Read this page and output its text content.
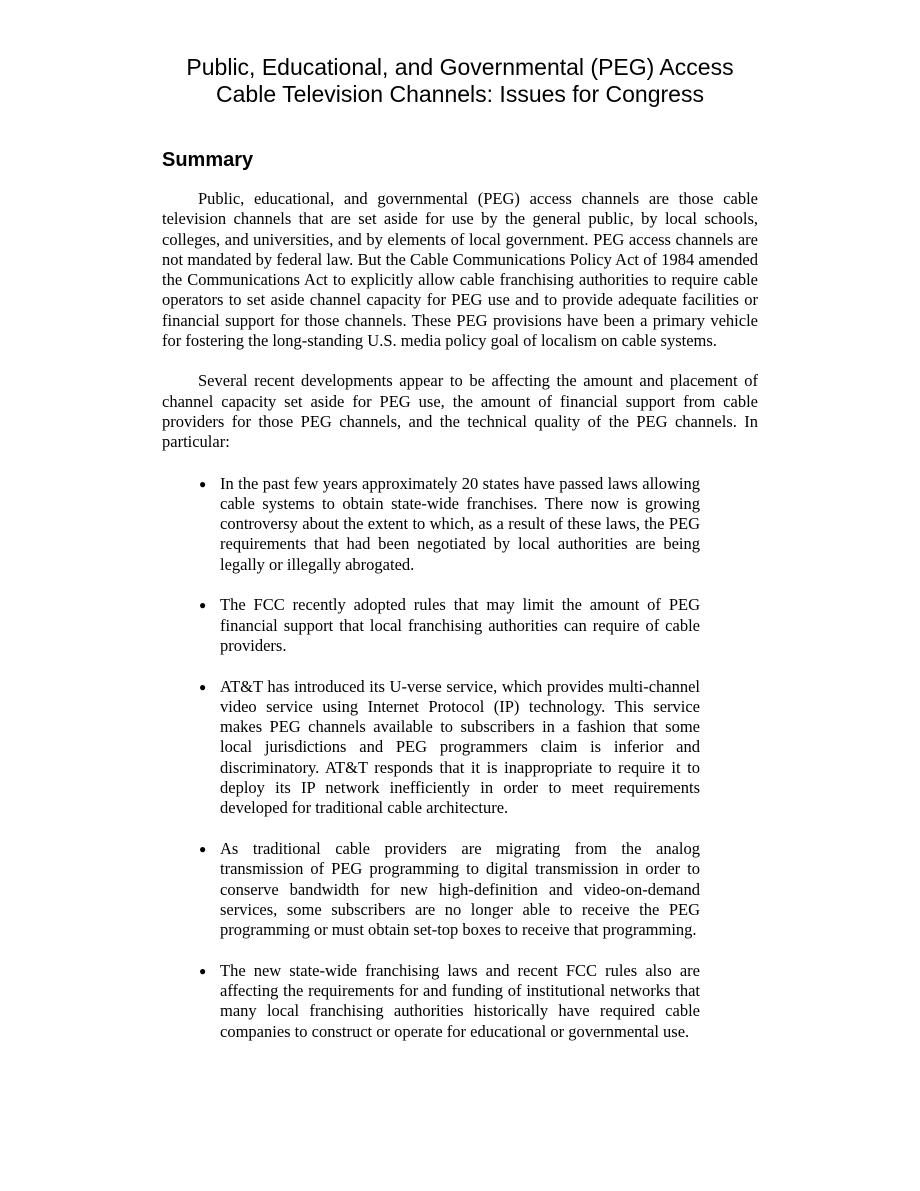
Public, Educational, and Governmental (PEG) Access
Cable Television Channels: Issues for Congress
Summary

Public, educational, and governmental (PEG) access channels are those cable television channels that are set aside for use by the general public, by local schools, colleges, and universities, and by elements of local government. PEG access channels are not mandated by federal law. But the Cable Communications Policy Act of 1984 amended the Communications Act to explicitly allow cable franchising authorities to require cable operators to set aside channel capacity for PEG use and to provide adequate facilities or financial support for those channels. These PEG provisions have been a primary vehicle for fostering the long-standing U.S. media policy goal of localism on cable systems.

Several recent developments appear to be affecting the amount and placement of channel capacity set aside for PEG use, the amount of financial support from cable providers for those PEG channels, and the technical quality of the PEG channels. In particular:

● In the past few years approximately 20 states have passed laws allowing cable systems to obtain state-wide franchises. There now is growing controversy about the extent to which, as a result of these laws, the PEG requirements that had been negotiated by local authorities are being legally or illegally abrogated.
● The FCC recently adopted rules that may limit the amount of PEG financial support that local franchising authorities can require of cable providers.
● AT&T has introduced its U-verse service, which provides multi-channel video service using Internet Protocol (IP) technology. This service makes PEG channels available to subscribers in a fashion that some local jurisdictions and PEG programmers claim is inferior and discriminatory. AT&T responds that it is inappropriate to require it to deploy its IP network inefficiently in order to meet requirements developed for traditional cable architecture.
● As traditional cable providers are migrating from the analog transmission of PEG programming to digital transmission in order to conserve bandwidth for new high-definition and video-on-demand services, some subscribers are no longer able to receive the PEG programming or must obtain set-top boxes to receive that programming.
● The new state-wide franchising laws and recent FCC rules also are affecting the requirements for and funding of institutional networks that many local franchising authorities historically have required cable companies to construct or operate for educational or governmental use.
